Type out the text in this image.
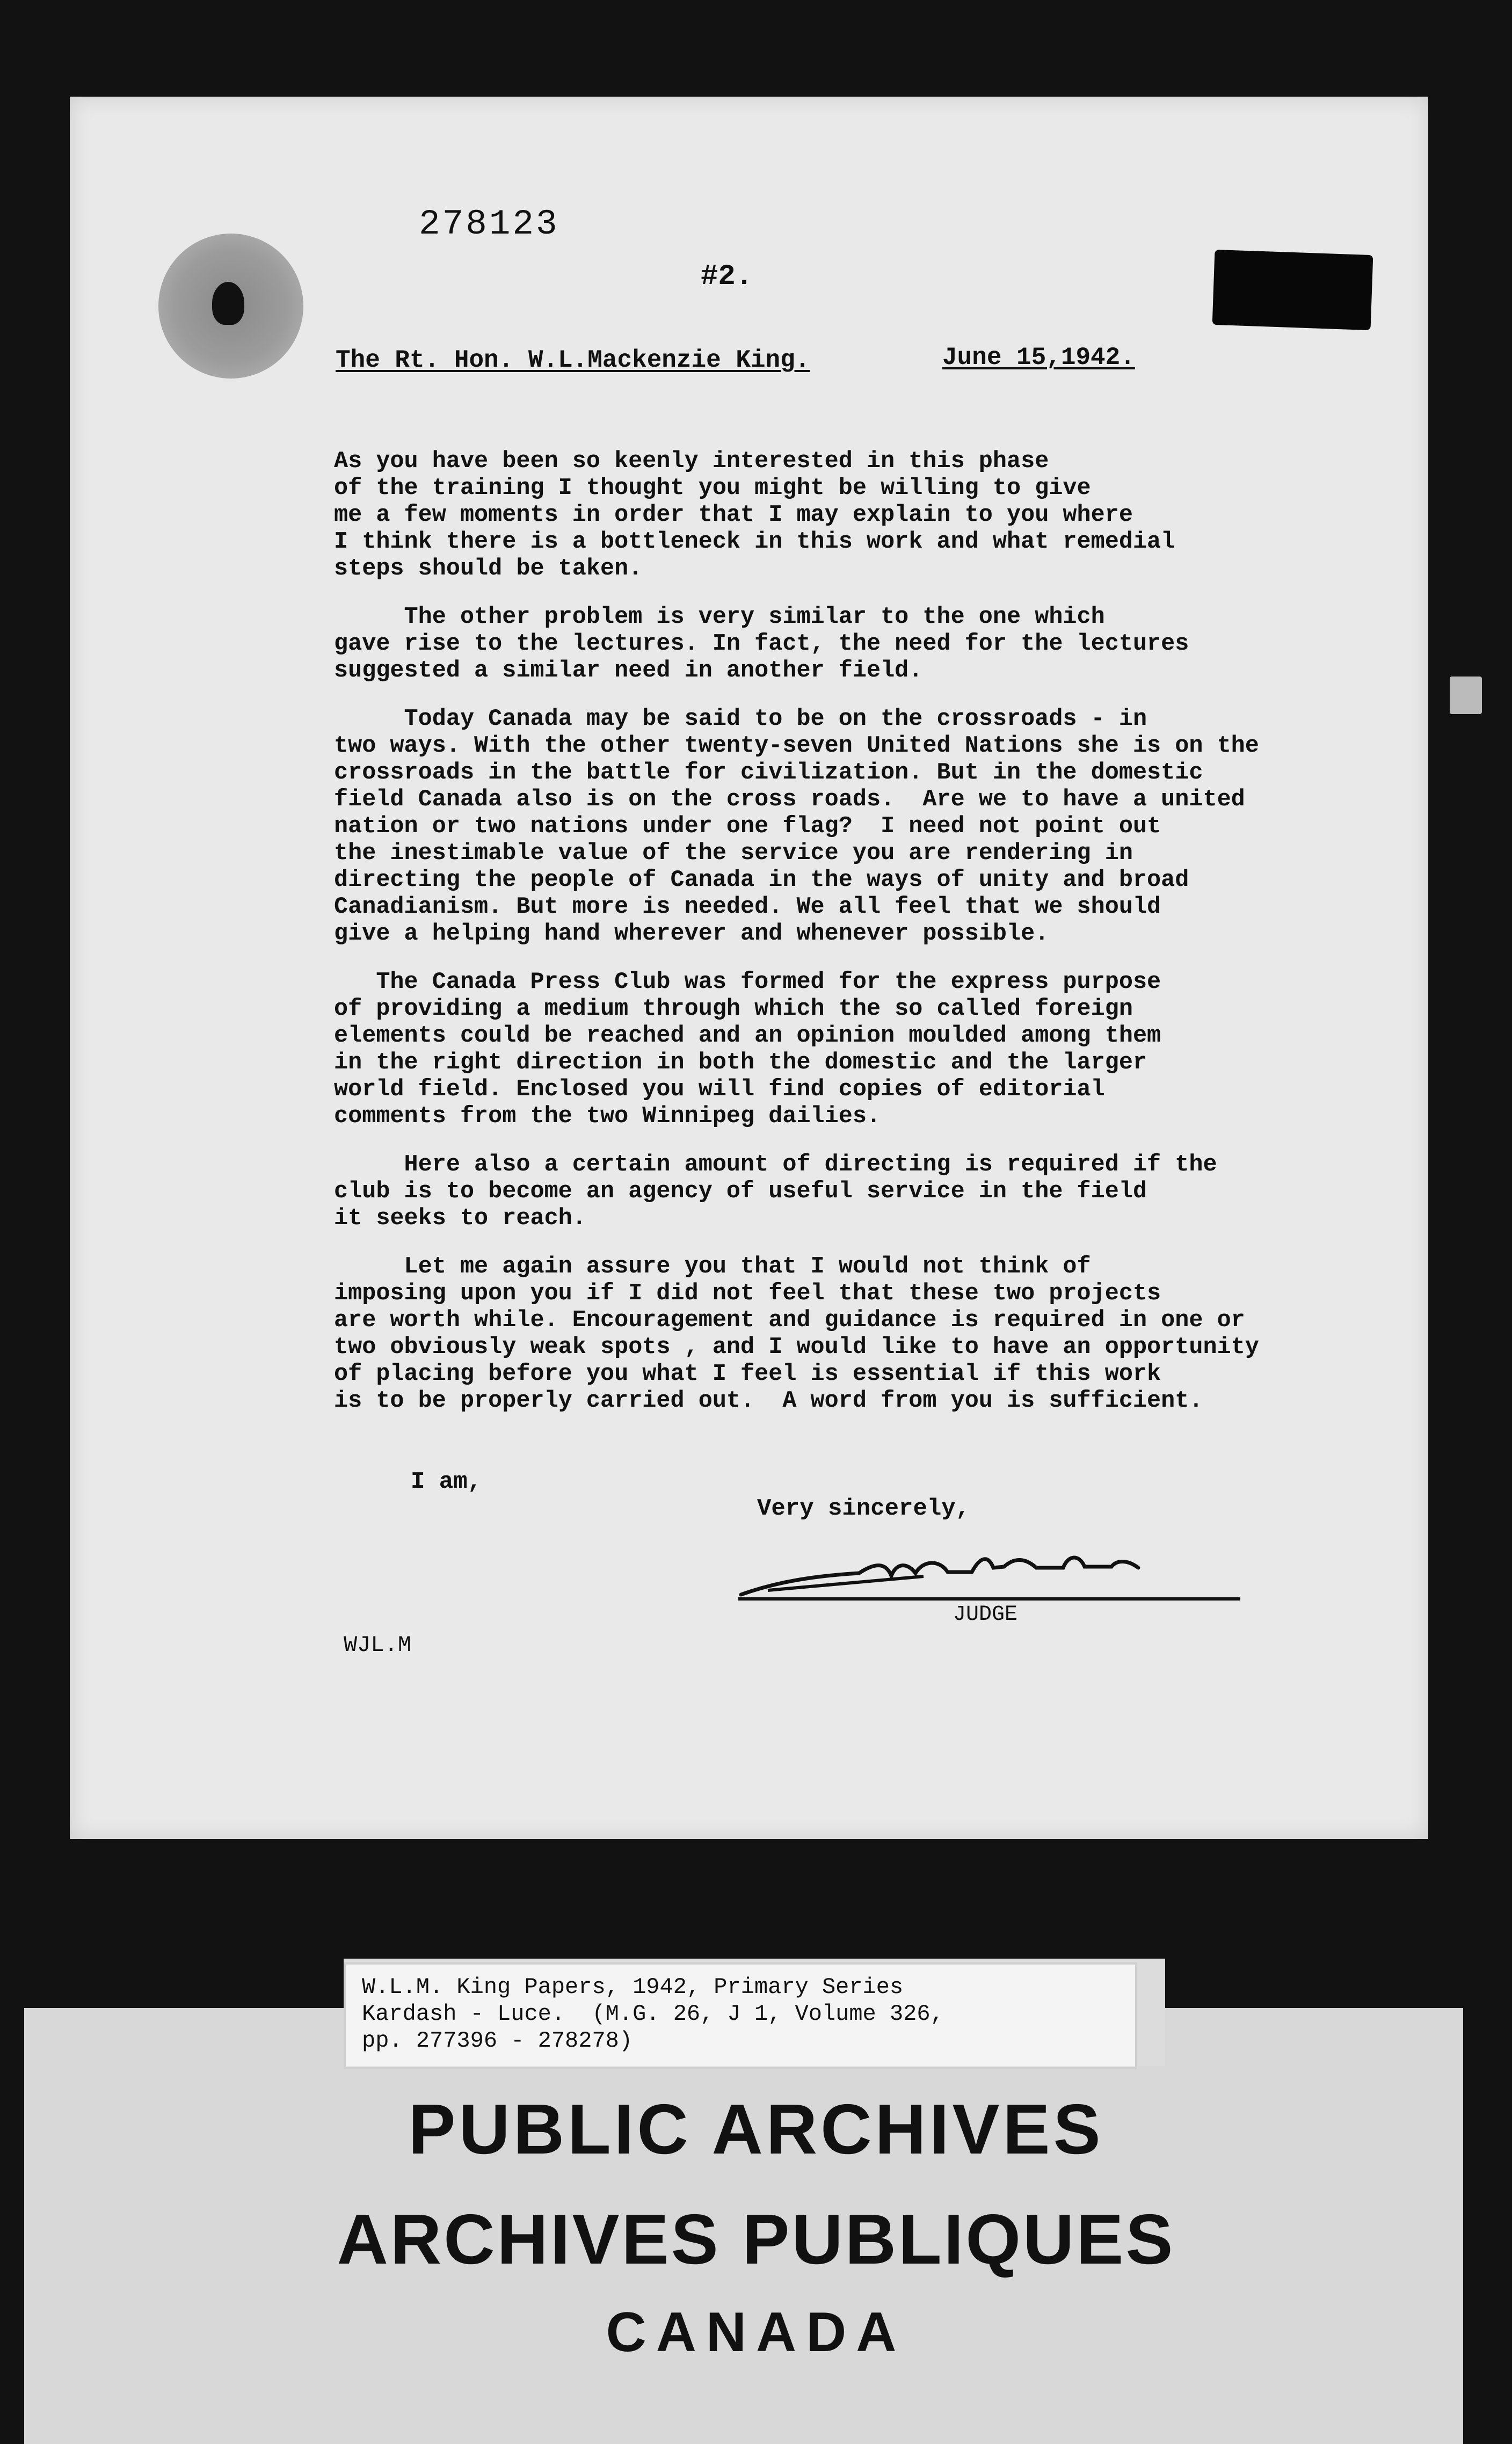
278123
#2.
The Rt. Hon. W.L.Mackenzie King.	June 15,1942.
As you have been so keenly interested in this phase
of the training I thought you might be willing to give
me a few moments in order that I may explain to you where
I think there is a bottleneck in this work and what remedial
steps should be taken.
The other problem is very similar to the one which
gave rise to the lectures. In fact, the need for the lectures
suggested a similar need in another field.
Today Canada may be said to be on the crossroads - in
two ways. With the other twenty-seven United Nations she is on the
crossroads in the battle for civilization. But in the domestic
field Canada also is on the cross roads.  Are we to have a united
nation or two nations under one flag?  I need not point out
the inestimable value of the service you are rendering in
directing the people of Canada in the ways of unity and broad
Canadianism. But more is needed. We all feel that we should
give a helping hand wherever and whenever possible.
The Canada Press Club was formed for the express purpose
of providing a medium through which the so called foreign
elements could be reached and an opinion moulded among them
in the right direction in both the domestic and the larger
world field. Enclosed you will find copies of editorial
comments from the two Winnipeg dailies.
Here also a certain amount of directing is required if the
club is to become an agency of useful service in the field
it seeks to reach.
Let me again assure you that I would not think of
imposing upon you if I did not feel that these two projects
are worth while. Encouragement and guidance is required in one or
two obviously weak spots , and I would like to have an opportunity
of placing before you what I feel is essential if this work
is to be properly carried out.  A word from you is sufficient.
I am,
Very sincerely,
JUDGE
WJL.M
W.L.M. King Papers, 1942, Primary Series
Kardash - Luce.  (M.G. 26, J 1, Volume 326,
pp. 277396 - 278278)
PUBLIC ARCHIVES
ARCHIVES PUBLIQUES
CANADA
